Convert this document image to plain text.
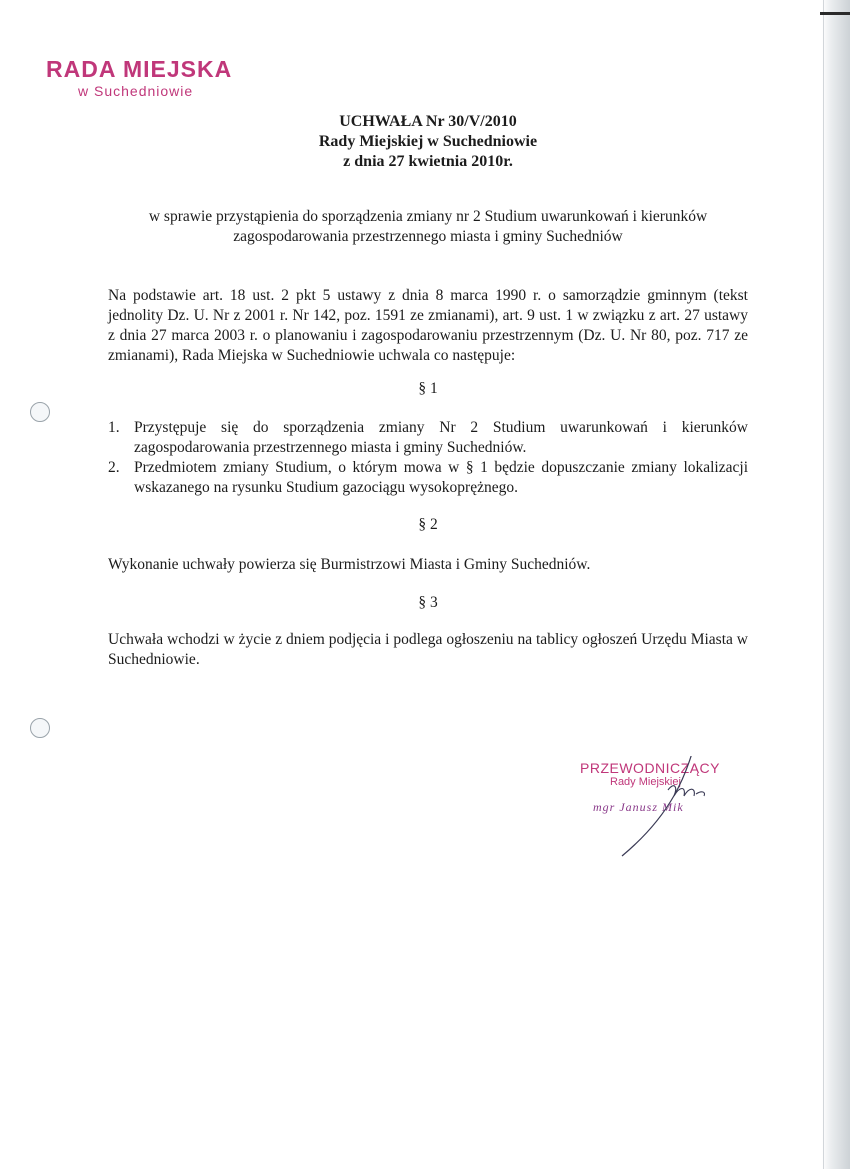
RADA MIEJSKA
w Suchedniowie
UCHWAŁA Nr 30/V/2010
Rady Miejskiej w Suchedniowie
z dnia 27 kwietnia 2010r.
w sprawie przystąpienia do sporządzenia zmiany nr 2 Studium uwarunkowań i kierunków zagospodarowania przestrzennego miasta i gminy Suchedniów
Na podstawie art. 18 ust. 2 pkt 5 ustawy z dnia 8 marca 1990 r. o samorządzie gminnym (tekst jednolity Dz. U. Nr z 2001 r. Nr 142, poz. 1591 ze zmianami), art. 9 ust. 1 w związku z art. 27 ustawy z dnia 27 marca 2003 r. o planowaniu i zagospodarowaniu przestrzennym (Dz. U. Nr 80, poz. 717 ze zmianami), Rada Miejska w Suchedniowie uchwala co następuje:
§ 1
1. Przystępuje się do sporządzenia zmiany Nr 2 Studium uwarunkowań i kierunków zagospodarowania przestrzennego miasta i gminy Suchedniów.
2. Przedmiotem zmiany Studium, o którym mowa w § 1 będzie dopuszczanie zmiany lokalizacji wskazanego na rysunku Studium gazociągu wysokoprężnego.
§ 2
Wykonanie uchwały powierza się Burmistrzowi Miasta i Gminy Suchedniów.
§ 3
Uchwała wchodzi w życie z dniem podjęcia i podlega ogłoszeniu na tablicy ogłoszeń Urzędu Miasta w Suchedniowie.
PRZEWODNICZĄCY
Rady Miejskiej
mgr Janusz Mik
